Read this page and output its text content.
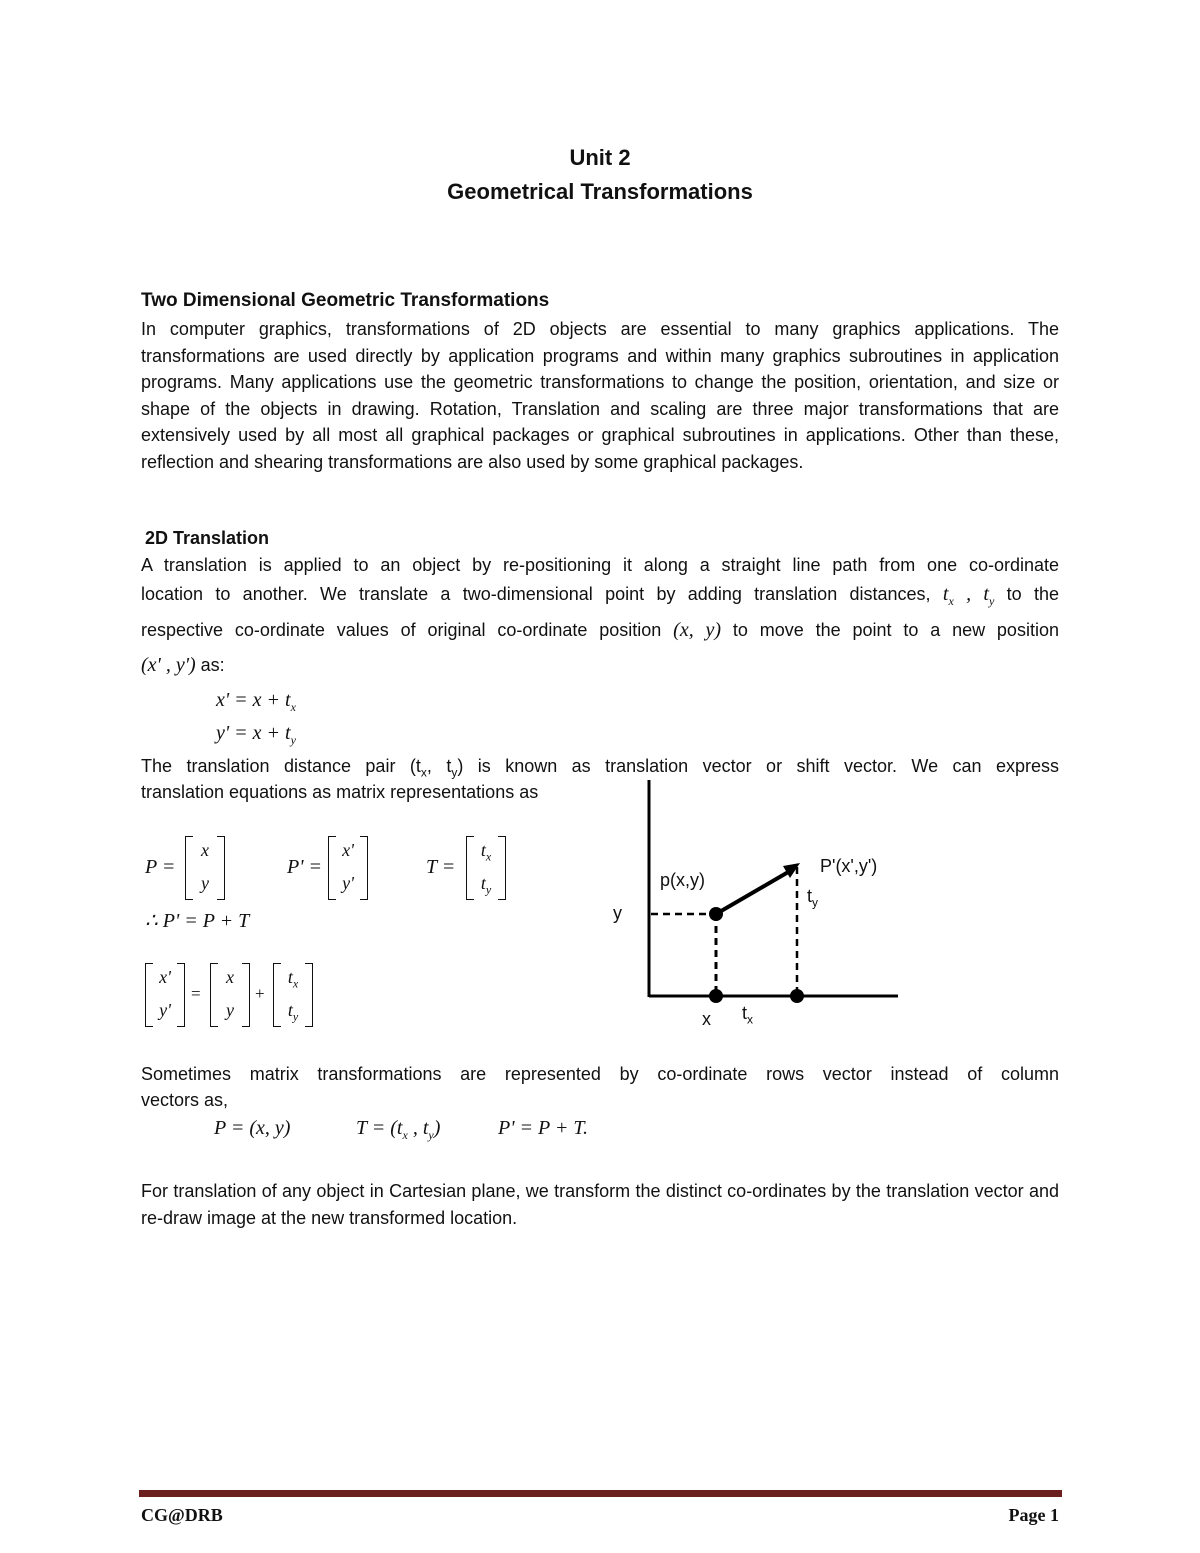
Unit 2
Geometrical Transformations
Two Dimensional Geometric Transformations
In computer graphics, transformations of 2D objects are essential to many graphics applications. The transformations are used directly by application programs and within many graphics subroutines in application programs. Many applications use the geometric transformations to change the position, orientation, and size or shape of the objects in drawing. Rotation, Translation and scaling are three major transformations that are extensively used by all most all graphical packages or graphical subroutines in applications. Other than these, reflection and shearing transformations are also used by some graphical packages.
2D Translation
A translation is applied to an object by re-positioning it along a straight line path from one co-ordinate
location to another. We translate a two-dimensional point by adding translation distances, $t_x$ , $t_y$ to the
respective co-ordinate values of original co-ordinate position (x, y) to move the point to a new position
(x' , y') as:
$x' = x + t_x$
$y' = x + t_y$
The translation distance pair ($t_x$, $t_y$) is known as translation vector or shift vector. We can express
translation equations as matrix representations as
P =
x
y
P' =
x'
y'
T =
$t_x$
$t_y$
∴ P' = P + T
x'
y'
=
x
y
+
$t_x$
$t_y$
p(x,y)
P'(x',y')
$t_y$
y
x $t_x$
Sometimes matrix transformations are represented by co-ordinate rows vector instead of column
vectors as,
P = (x, y)	$T = (t_x$ , $t_y$)	P' = P + T.
For translation of any object in Cartesian plane, we transform the distinct co-ordinates by the translation vector and re-draw image at the new transformed location.
CG@DRB	Page 1
